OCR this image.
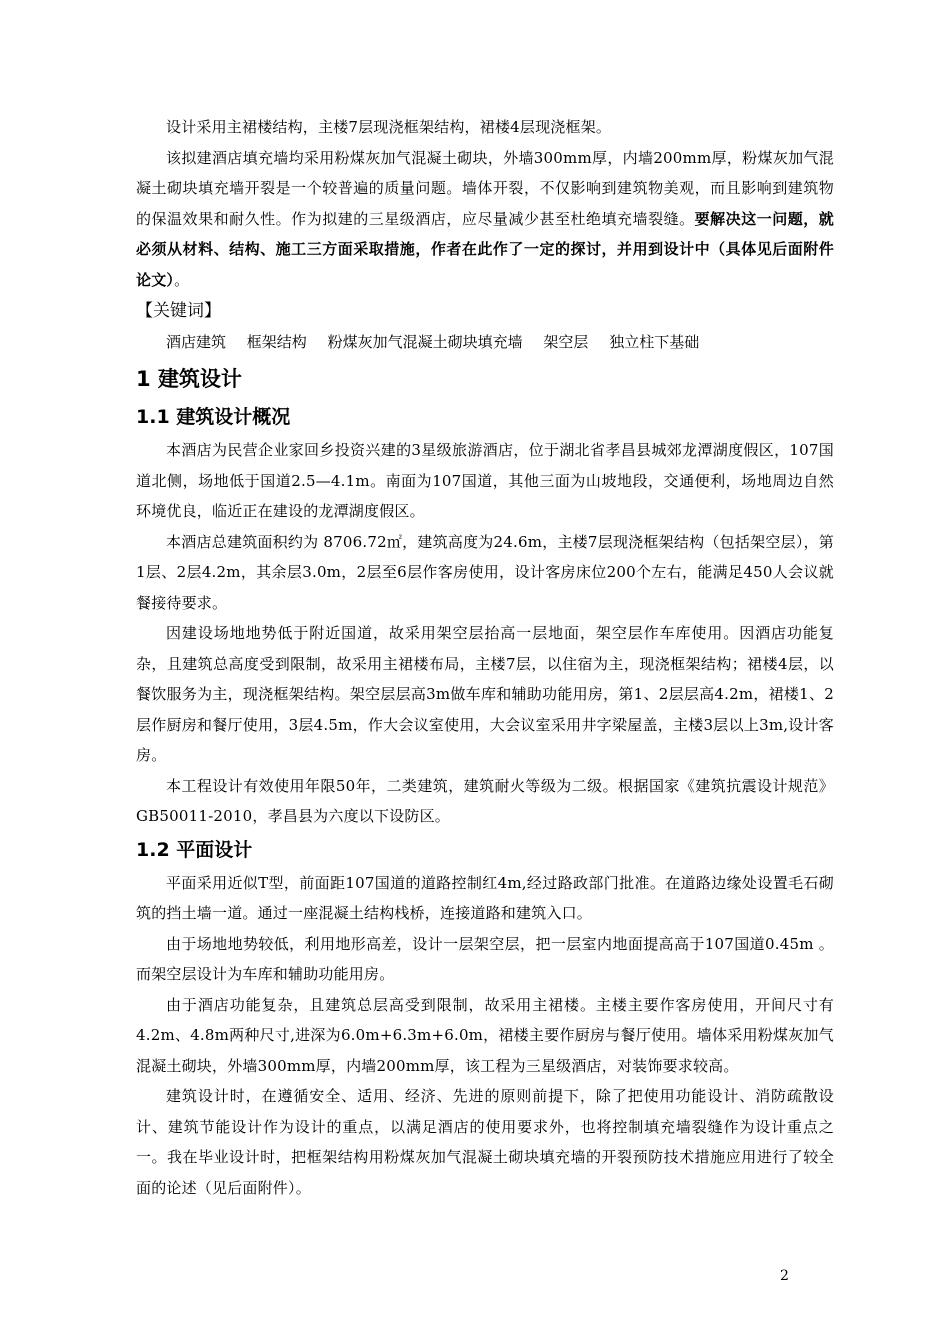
设计采用主裙楼结构，主楼7层现浇框架结构，裙楼4层现浇框架。

该拟建酒店填充墙均采用粉煤灰加气混凝土砌块，外墙300mm厚，内墙200mm厚，粉煤灰加气混凝土砌块填充墙开裂是一个较普遍的质量问题。墙体开裂，不仅影响到建筑物美观，而且影响到建筑物的保温效果和耐久性。作为拟建的三星级酒店，应尽量减少甚至杜绝填充墙裂缝。要解决这一问题，就必须从材料、结构、施工三方面采取措施，作者在此作了一定的探讨，并用到设计中（具体见后面附件论文）。

【关键词】

酒店建筑 框架结构 粉煤灰加气混凝土砌块填充墙 架空层 独立柱下基础

1 建筑设计
1.1 建筑设计概况

本酒店为民营企业家回乡投资兴建的3星级旅游酒店，位于湖北省孝昌县城郊龙潭湖度假区，107国道北侧，场地低于国道2.5—4.1m。南面为107国道，其他三面为山坡地段，交通便利，场地周边自然环境优良，临近正在建设的龙潭湖度假区。

本酒店总建筑面积约为 8706.72㎡，建筑高度为24.6m，主楼7层现浇框架结构（包括架空层），第1层、2层4.2m，其余层3.0m，2层至6层作客房使用，设计客房床位200个左右，能满足450人会议就餐接待要求。

因建设场地地势低于附近国道，故采用架空层抬高一层地面，架空层作车库使用。因酒店功能复杂，且建筑总高度受到限制，故采用主裙楼布局，主楼7层，以住宿为主，现浇框架结构；裙楼4层，以餐饮服务为主，现浇框架结构。架空层层高3m做车库和辅助功能用房，第1、2层层高4.2m，裙楼1、2层作厨房和餐厅使用，3层4.5m，作大会议室使用，大会议室采用井字梁屋盖，主楼3层以上3m,设计客房。

本工程设计有效使用年限50年，二类建筑，建筑耐火等级为二级。根据国家《建筑抗震设计规范》GB50011-2010，孝昌县为六度以下设防区。

1.2 平面设计

平面采用近似T型，前面距107国道的道路控制红4m,经过路政部门批准。在道路边缘处设置毛石砌筑的挡土墙一道。通过一座混凝土结构栈桥，连接道路和建筑入口。

由于场地地势较低，利用地形高差，设计一层架空层，把一层室内地面提高高于107国道0.45m 。而架空层设计为车库和辅助功能用房。

由于酒店功能复杂，且建筑总层高受到限制，故采用主裙楼。主楼主要作客房使用，开间尺寸有4.2m、4.8m两种尺寸,进深为6.0m+6.3m+6.0m，裙楼主要作厨房与餐厅使用。墙体采用粉煤灰加气混凝土砌块，外墙300mm厚，内墙200mm厚，该工程为三星级酒店，对装饰要求较高。

建筑设计时，在遵循安全、适用、经济、先进的原则前提下，除了把使用功能设计、消防疏散设计、建筑节能设计作为设计的重点，以满足酒店的使用要求外，也将控制填充墙裂缝作为设计重点之一。我在毕业设计时，把框架结构用粉煤灰加气混凝土砌块填充墙的开裂预防技术措施应用进行了较全面的论述（见后面附件）。

2
